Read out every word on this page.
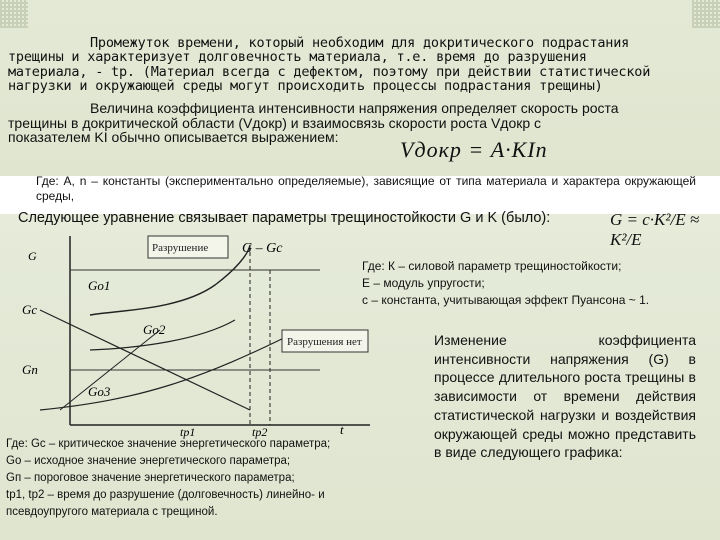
Промежуток времени, который необходим для докритического подрастания
трещины и характеризует долговечность материала, т.е. время до разрушения
материала, - tp. (Материал всегда с дефектом, поэтому при действии статистической
нагрузки и окружающей среды могут происходить процессы подрастания трещины)

Величина коэффициента интенсивности напряжения определяет скорость роста
трещины в докритической области (Vдокр) и взаимосвязь скорости роста Vдокр с
показателем KI обычно описывается выражением:	Vдокр = A·KIn

Где: А, n – константы (экспериментально определяемые), зависящие от типа материала и характера окружающей среды,

Следующее уравнение связывает параметры трещиностойкости G и K (было):	G = c·K²/E ≈ K²/E

Где: К – силовой параметр трещиностойкости;
Е – модуль упругости;
с – константа, учитывающая эффект Пуансона ~ 1.

Изменение коэффициента интенсивности напряжения (G) в процессе длительного роста трещины в зависимости от времени действия статистической нагрузки и воздействия окружающей среды можно представить в виде следующего графика:

Разрушение
Разрушения нет
G	G – Gc
Gc
Gn
Go1
Go2
Go3
tp1	tp2	t

Где: Gc – критическое значение энергетического параметра;
Go – исходное значение энергетического параметра;
Gп – пороговое значение энергетического параметра;
tр1, tр2 – время до разрушение (долговечность) линейно- и
псевдоупругого материала с трещиной.
